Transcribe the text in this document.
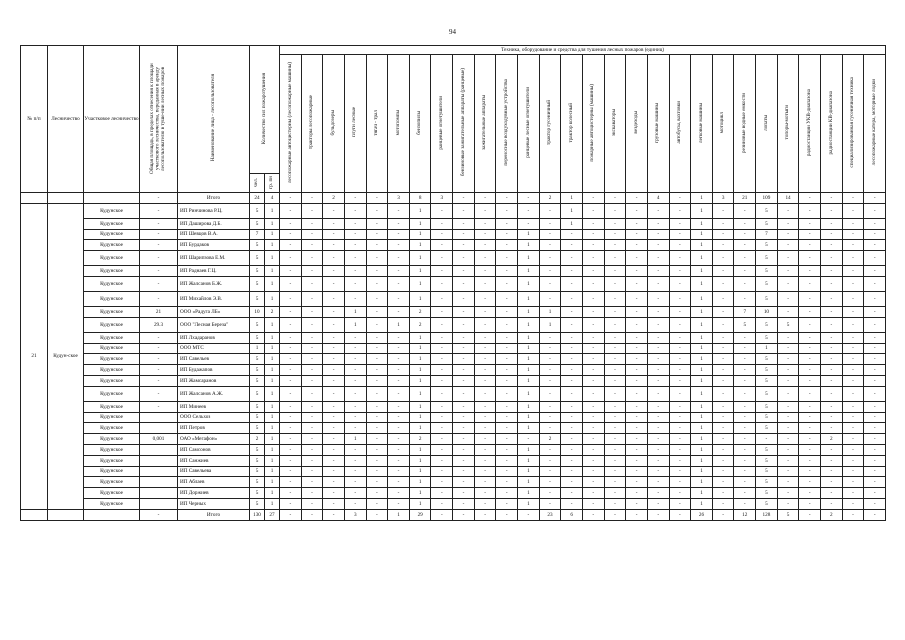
94
№ п/п	Лесничество	Участковое лесничество	Общая площадь, в пределах отнесения к площади участкового лесничества, переданная в аренду лесопользователю в туше-нии лесных пожаров	Наименование лица - лесопользователя	Количество сил пожаротушения		Техника, оборудование и средства для тушения лесных пожаров (единиц)																											
							лесопожарные автоцистерны (лесопожарные машины)	тракторы лесопожарные	бульдозеры	плуги лесные	тягач - трал	мотопомпы	бензопилы	ранцевые огнетушители	бензиновые зажигательные аппараты (ранцевые)	зажигательные аппараты	переносные воздуходувные устройства	ранцевые лесные огнетушители	трактор гусеничный	трактор колесный	пожарные автоцистерны (машины)	экскаваторы	вездеходы	грузовые машины	автобусы, вахтовки	легковые машины	мотоцикл	резиновые водные емкости	лопаты	топоры-мотыги	радиостанции УКВ-диапазона	радиостанции КВ-диапазона	специализированная гусеничная техника	лесопожарные катера, моторные лодки
					чел.	гр. пн																												
			-	Итого	24	4	-	-	2	-	-	3	8	3	-	-	-	-	2	1	-	-	-	4	-	1	3	21	109	14	-	-	-	-
21	Кудун-ское	Кудунское	-	ИП Ринчинова Р.Ц.	5	1	-	-	-	-	-	-	1	-	-	-	-	-	-	1	-	-	-	-	-	1	-	-	5	-	-	-	-	-
		Кудунское	-	ИП Даширова Д.Б.	5	1	-	-	-	-	-	-	1	-	-	-	-	-	-	1	-	-	-	-	-	1	-	-	5	-	-	-	-	-
		Кудунское	-	ИП Шевцов В.А.	7	1	-	-	-	-	-	-	1	-	-	-	-	1	-	-	-	-	-	-	-	1	-	-	7	-	-	-	-	-
		Кудунское	-	ИП Бурдаков	5	1	-	-	-	-	-	-	1	-	-	-	-	1	-	-	-	-	-	-	-	1	-	-	5	-	-	-	-	-
		Кудунское	-	ИП Шарипзова Е.М.	5	1	-	-	-	-	-	-	1	-	-	-	-	1	-	-	-	-	-	-	-	1	-	-	5	-	-	-	-	-
		Кудунское	-	ИП Раднаев Г.Ц.	5	1	-	-	-	-	-	-	1	-	-	-	-	1	-	-	-	-	-	-	-	1	-	-	5	-	-	-	-	-
		Кудунское	-	ИП Жалсанов Б.Ж.	5	1	-	-	-	-	-	-	1	-	-	-	-	1	-	-	-	-	-	-	-	1	-	-	5	-	-	-	-	-
		Кудунское	-	ИП Михайлов Э.В.	5	1	-	-	-	-	-	-	1	-	-	-	-	1	-	-	-	-	-	-	-	1	-	-	5	-	-	-	-	-
		Кудунское	21	ООО «Радуга ЛБ»	10	2	-	-	-	1	-	-	2	-	-	-	-	1	1	-	-	-	-	-	-	1	-	7	10	-	-	-	-	-
		Кудунское	29.3	ООО "Лесная Береза"	5	1	-	-	-	1	-	1	2	-	-	-	-	1	1	-	-	-	-	-	-	1	-	5	5	5	-	-	-	-
		Кудунское	-	ИП Лхадаранов	5	1	-	-	-	-	-	-	1	-	-	-	-	1	-	-	-	-	-	-	-	1	-	-	5	-	-	-	-	-
		Кудунское	-	ООО МТС	1	1	-	-	-	-	-	-	1	-	-	-	-	1	-	-	-	-	-	-	-	1	-	-	1	-	-	-	-	-
		Кудунское	-	ИП Савельев	5	1	-	-	-	-	-	-	1	-	-	-	-	1	-	-	-	-	-	-	-	1	-	-	5	-	-	-	-	-
		Кудунское	-	ИП Будажапов	5	1	-	-	-	-	-	-	1	-	-	-	-	1	-	-	-	-	-	-	-	1	-	-	5	-	-	-	-	-
		Кудунское	-	ИП Жамсаранов	5	1	-	-	-	-	-	-	1	-	-	-	-	1	-	-	-	-	-	-	-	1	-	-	5	-	-	-	-	-
		Кудунское	-	ИП Жалсанов А.Ж.	5	1	-	-	-	-	-	-	1	-	-	-	-	1	-	-	-	-	-	-	-	1	-	-	5	-	-	-	-	-
		Кудунское	-	ИП Минеев	5	1	-	-	-	-	-	-	1	-	-	-	-	1	-	-	-	-	-	-	-	1	-	-	5	-	-	-	-	-
		Кудунское		ООО Сельхоз	5	1	-	-	-	-	-	-	1	-	-	-	-	1	-	-	-	-	-	-	-	1	-	-	5	-	-	-	-	-
		Кудунское		ИП Петров	5	1	-	-	-	-	-	-	1	-	-	-	-	1	-	-	-	-	-	-	-	1	-	-	5	-	-	-	-	-
		Кудунское	0,001	ОАО «Мегафон»	2	1	-	-	-	1	-	-	2	-	-	-	-	-	2	-	-	-	-	-	-	1	-	-	-	-	-	2	-	-
		Кудунское		ИП Самсонов	5	1	-	-	-	-	-	-	1	-	-	-	-	1	-	-	-	-	-	-	-	1	-	-	5	-	-	-	-	-
		Кудунское		ИП Санжиев	5	1	-	-	-	-	-	-	1	-	-	-	-	1	-	-	-	-	-	-	-	1	-	-	5	-	-	-	-	-
		Кудунское		ИП Савельева	5	1	-	-	-	-	-	-	1	-	-	-	-	1	-	-	-	-	-	-	-	1	-	-	5	-	-	-	-	-
		Кудунское		ИП Аблаев	5	1	-	-	-	-	-	-	1	-	-	-	-	1	-	-	-	-	-	-	-	1	-	-	5	-	-	-	-	-
		Кудунское		ИП Доржиев	5	1	-	-	-	-	-	-	1	-	-	-	-	1	-	-	-	-	-	-	-	1	-	-	5	-	-	-	-	-
		Кудунское		ИП Черных	5	1	-	-	-	-	-	-	1	-	-	-	-	1	-	-	-	-	-	-	-	1	-	-	5	-	-	-	-	-
			-	Итого	130	27	-	-	-	3	-	1	29	-	-	-	-	-	23	6	-	-	-	-	-	26	-	12	128	5	-	2	-	-
